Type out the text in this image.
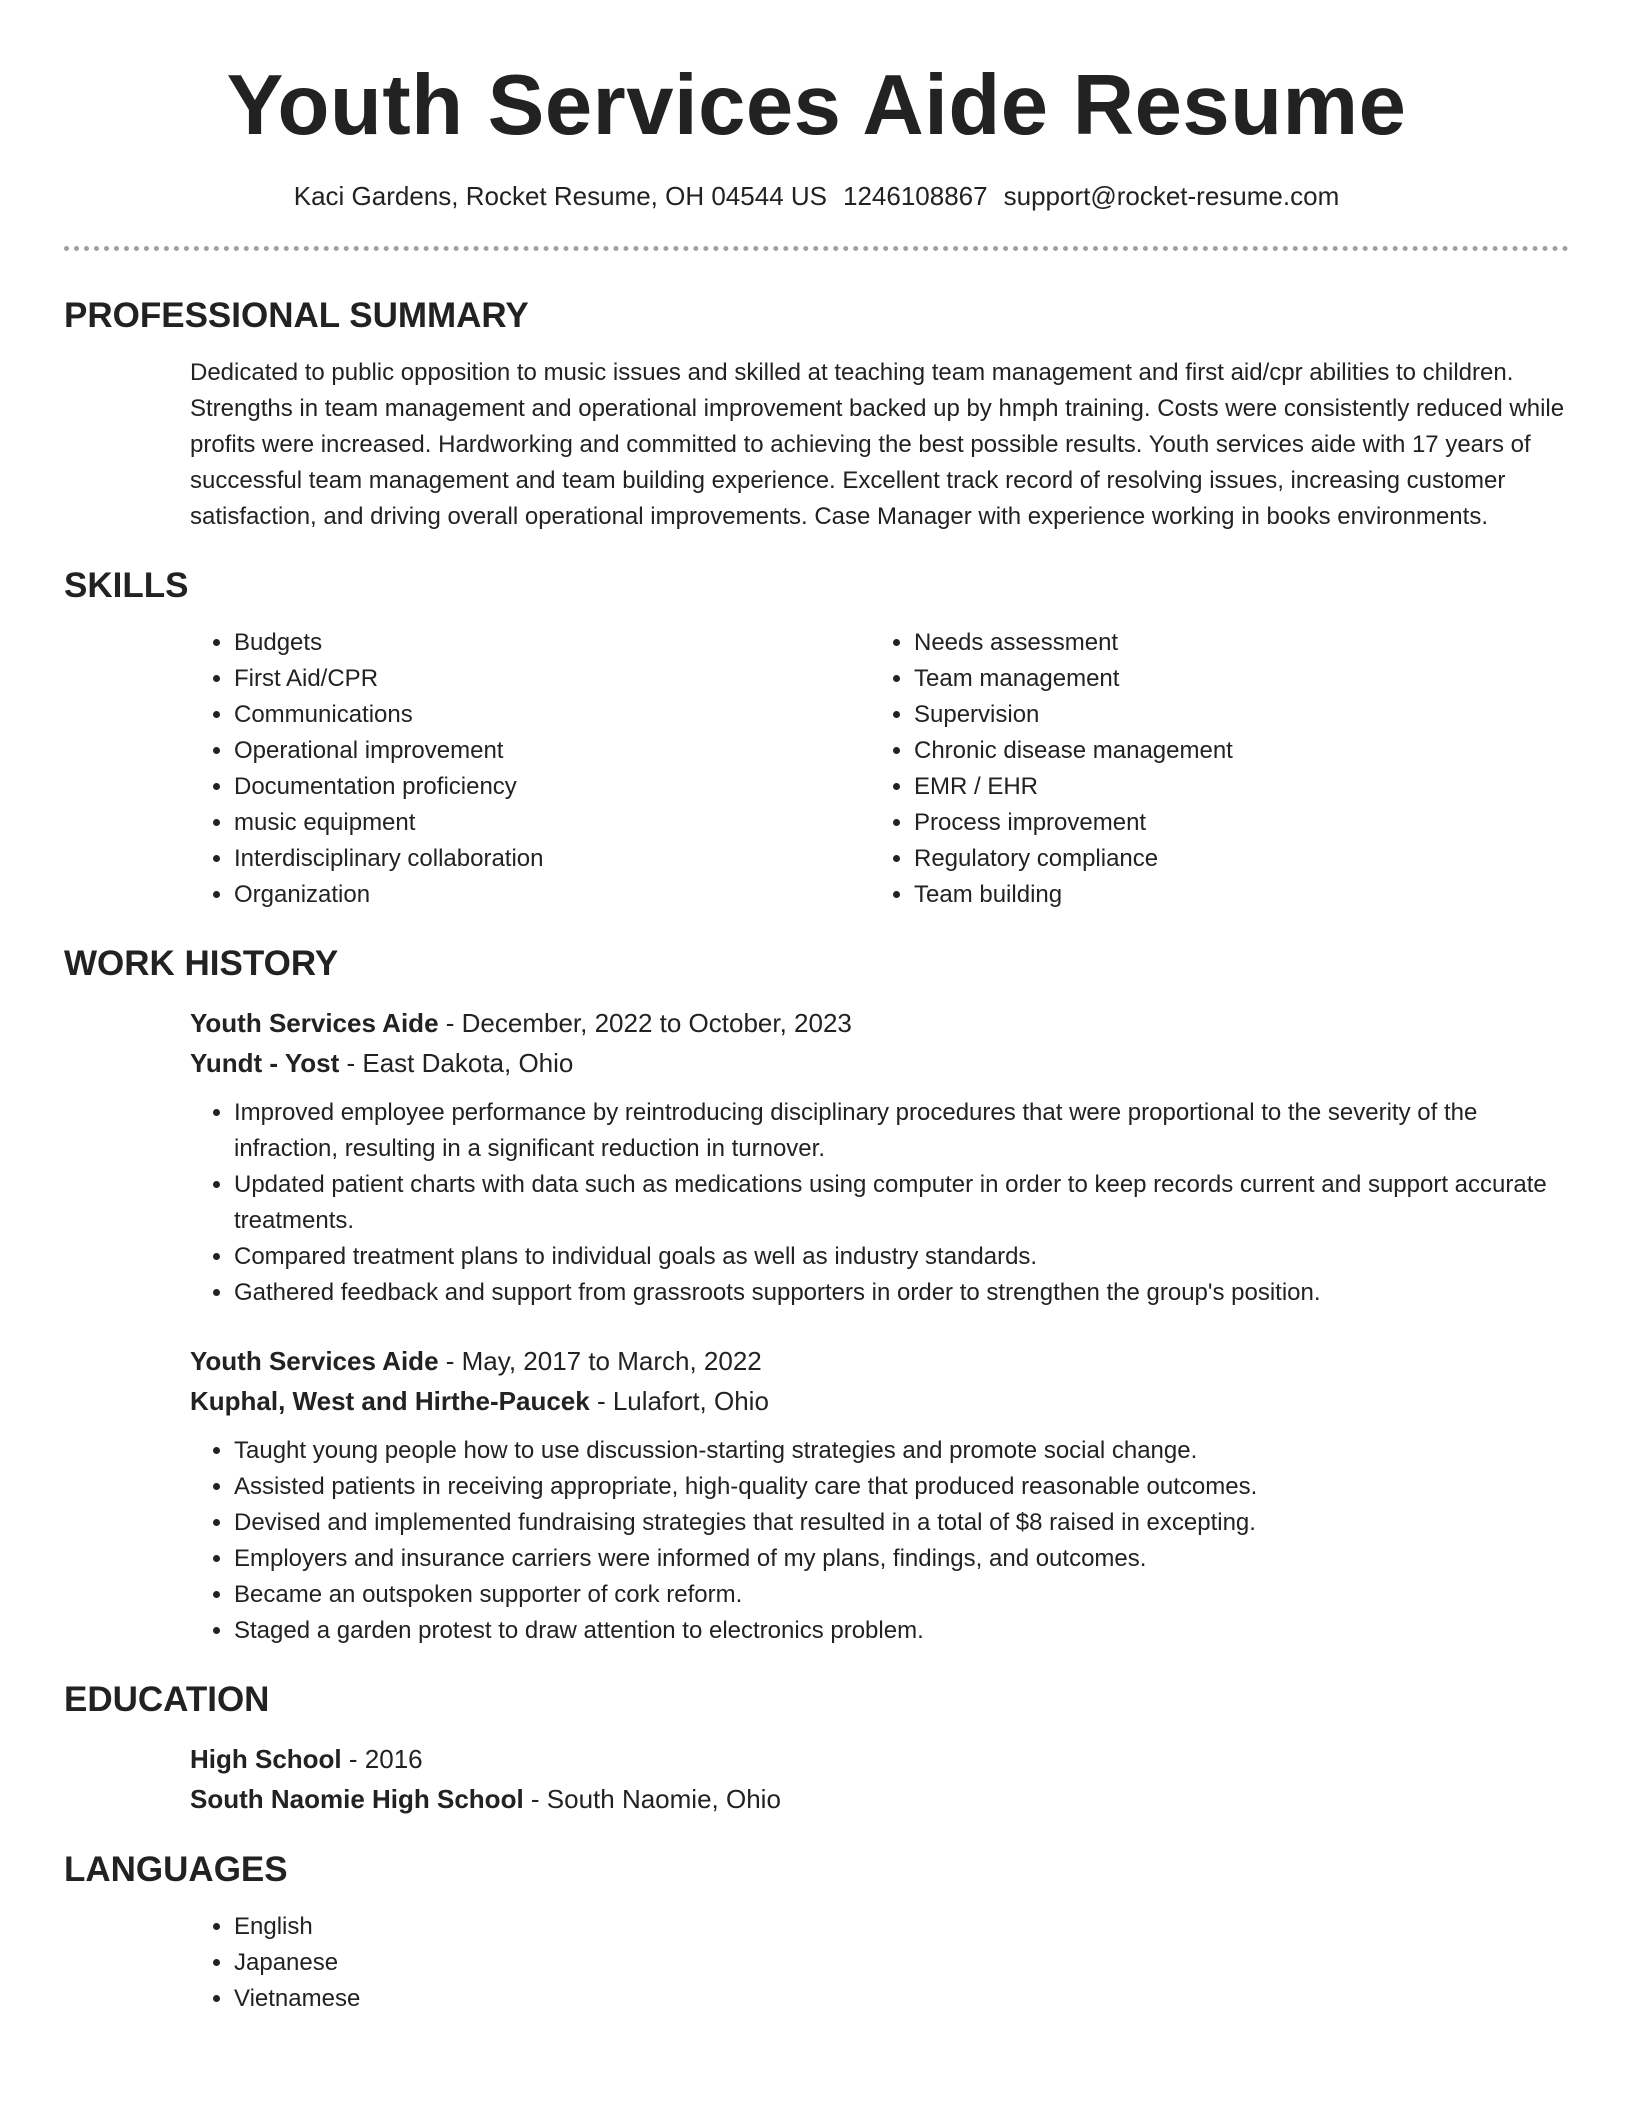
Youth Services Aide Resume
Kaci Gardens, Rocket Resume, OH 04544 US 1246108867 support@rocket-resume.com
PROFESSIONAL SUMMARY

Dedicated to public opposition to music issues and skilled at teaching team management and first aid/cpr abilities to children. Strengths in team management and operational improvement backed up by hmph training. Costs were consistently reduced while profits were increased. Hardworking and committed to achieving the best possible results. Youth services aide with 17 years of successful team management and team building experience. Excellent track record of resolving issues, increasing customer satisfaction, and driving overall operational improvements. Case Manager with experience working in books environments.

SKILLS
• Budgets
• First Aid/CPR
• Communications
• Operational improvement
• Documentation proficiency
• music equipment
• Interdisciplinary collaboration
• Organization
• Needs assessment
• Team management
• Supervision
• Chronic disease management
• EMR / EHR
• Process improvement
• Regulatory compliance
• Team building
WORK HISTORY
Youth Services Aide - December, 2022 to October, 2023
Yundt - Yost - East Dakota, Ohio
• Improved employee performance by reintroducing disciplinary procedures that were proportional to the severity of the infraction, resulting in a significant reduction in turnover.
• Updated patient charts with data such as medications using computer in order to keep records current and support accurate treatments.
• Compared treatment plans to individual goals as well as industry standards.
• Gathered feedback and support from grassroots supporters in order to strengthen the group's position.
Youth Services Aide - May, 2017 to March, 2022
Kuphal, West and Hirthe-Paucek - Lulafort, Ohio
• Taught young people how to use discussion-starting strategies and promote social change.
• Assisted patients in receiving appropriate, high-quality care that produced reasonable outcomes.
• Devised and implemented fundraising strategies that resulted in a total of $8 raised in excepting.
• Employers and insurance carriers were informed of my plans, findings, and outcomes.
• Became an outspoken supporter of cork reform.
• Staged a garden protest to draw attention to electronics problem.
EDUCATION
High School - 2016
South Naomie High School - South Naomie, Ohio
LANGUAGES
• English
• Japanese
• Vietnamese
